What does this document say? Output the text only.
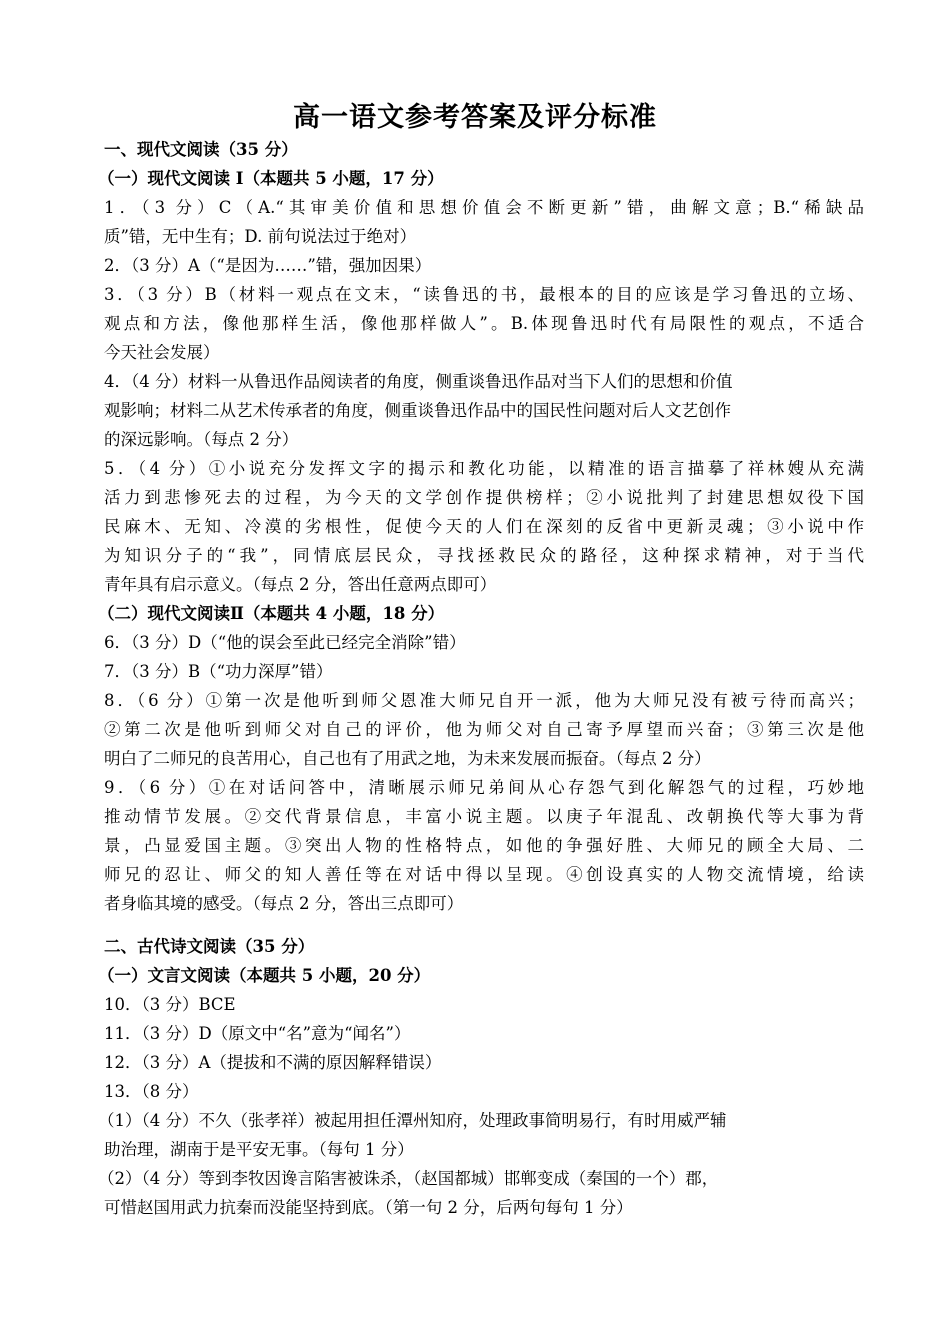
高一语文参考答案及评分标准
一、现代文阅读（35 分）
（一）现代文阅读 I（本题共 5 小题，17 分）
1．（3 分）C（A.“其审美价值和思想价值会不断更新”错，曲解文意；B.“稀缺品
质”错，无中生有；D. 前句说法过于绝对）
2．（3 分）A（“是因为……”错，强加因果）
3．（3 分）B（材料一观点在文末，“读鲁迅的书，最根本的目的应该是学习鲁迅的立场、
观点和方法，像他那样生活，像他那样做人”。B.体现鲁迅时代有局限性的观点，不适合
今天社会发展）
4．（4 分）材料一从鲁迅作品阅读者的角度，侧重谈鲁迅作品对当下人们的思想和价值
观影响；材料二从艺术传承者的角度，侧重谈鲁迅作品中的国民性问题对后人文艺创作
的深远影响。（每点 2 分）
5．（4 分）①小说充分发挥文字的揭示和教化功能，以精准的语言描摹了祥林嫂从充满
活力到悲惨死去的过程，为今天的文学创作提供榜样；②小说批判了封建思想奴役下国
民麻木、无知、冷漠的劣根性，促使今天的人们在深刻的反省中更新灵魂；③小说中作
为知识分子的“我”，同情底层民众，寻找拯救民众的路径，这种探求精神，对于当代
青年具有启示意义。（每点 2 分，答出任意两点即可）
（二）现代文阅读Ⅱ（本题共 4 小题，18 分）
6．（3 分）D（“他的误会至此已经完全消除”错）
7．（3 分）B（“功力深厚”错）
8．（6 分）①第一次是他听到师父恩准大师兄自开一派，他为大师兄没有被亏待而高兴；
②第二次是他听到师父对自己的评价，他为师父对自己寄予厚望而兴奋；③第三次是他
明白了二师兄的良苦用心，自己也有了用武之地，为未来发展而振奋。（每点 2 分）
9．（6 分）①在对话问答中，清晰展示师兄弟间从心存怨气到化解怨气的过程，巧妙地
推动情节发展。②交代背景信息，丰富小说主题。以庚子年混乱、改朝换代等大事为背
景，凸显爱国主题。③突出人物的性格特点，如他的争强好胜、大师兄的顾全大局、二
师兄的忍让、师父的知人善任等在对话中得以呈现。④创设真实的人物交流情境，给读
者身临其境的感受。（每点 2 分，答出三点即可）
二、古代诗文阅读（35 分）
（一）文言文阅读（本题共 5 小题，20 分）
10．（3 分）BCE
11．（3 分）D（原文中“名”意为“闻名”）
12．（3 分）A（提拔和不满的原因解释错误）
13．（8 分）
（1）（4 分）不久（张孝祥）被起用担任潭州知府，处理政事简明易行，有时用威严辅
助治理，湖南于是平安无事。（每句 1 分）
（2）（4 分）等到李牧因谗言陷害被诛杀，（赵国都城）邯郸变成（秦国的一个）郡，
可惜赵国用武力抗秦而没能坚持到底。（第一句 2 分，后两句每句 1 分）
